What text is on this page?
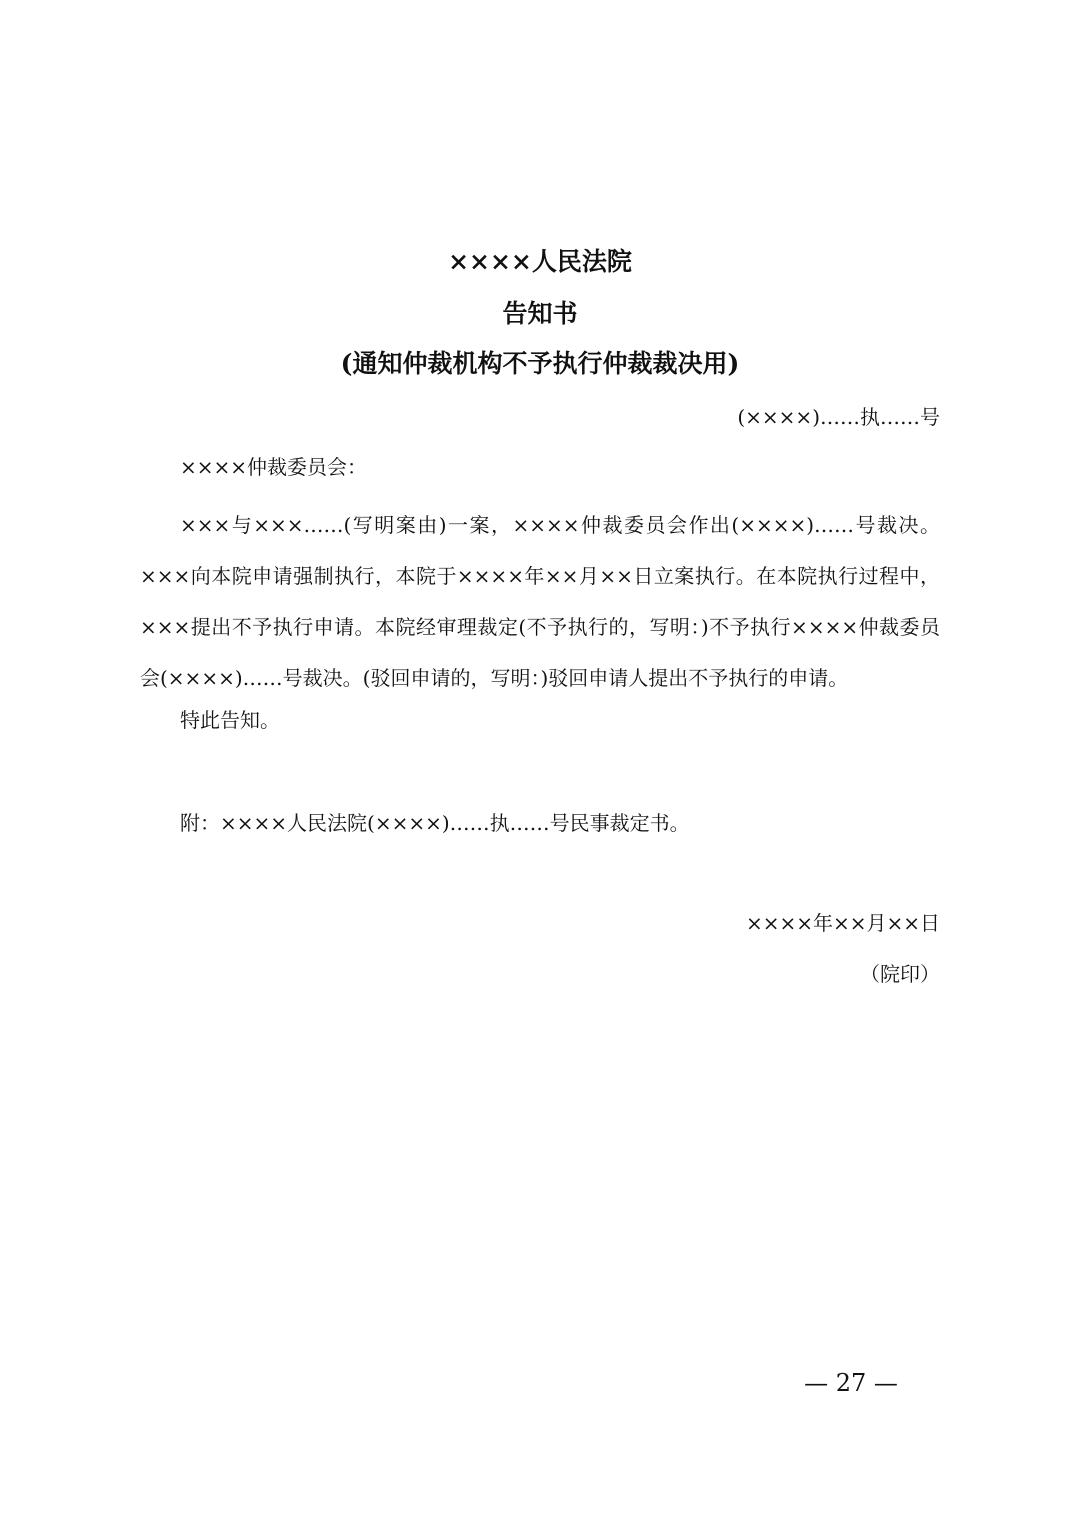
××××人民法院
告知书
(通知仲裁机构不予执行仲裁裁决用)
(××××)……执……号
××××仲裁委员会：

×××与×××……(写明案由)一案，××××仲裁委员会作出(××××)……号裁决。×××向本院申请强制执行，本院于××××年××月××日立案执行。在本院执行过程中，×××提出不予执行申请。本院经审理裁定(不予执行的，写明：)不予执行××××仲裁委员会(××××)……号裁决。(驳回申请的，写明：)驳回申请人提出不予执行的申请。

特此告知。
附：××××人民法院(××××)……执……号民事裁定书。
××××年××月××日
（院印）
— 27 —
